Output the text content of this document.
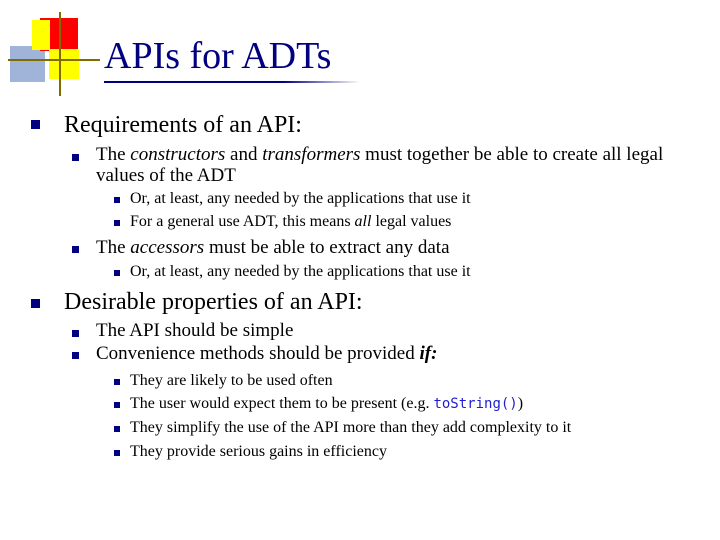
APIs for ADTs
Requirements of an API:
The constructors and transformers must together be able to create all legal
values of the ADT
Or, at least, any needed by the applications that use it
For a general use ADT, this means all legal values
The accessors must be able to extract any data
Or, at least, any needed by the applications that use it
Desirable properties of an API:
The API should be simple
Convenience methods should be provided if:
They are likely to be used often
The user would expect them to be present (e.g. toString())
They simplify the use of the API more than they add complexity to it
They provide serious gains in efficiency
